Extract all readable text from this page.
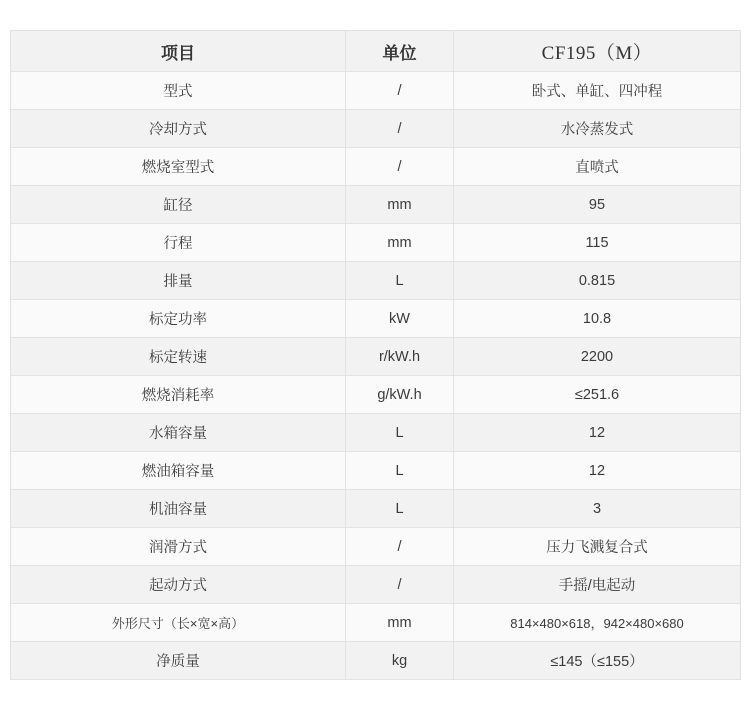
项目	单位	CF195（M）
型式	/	卧式、单缸、四冲程
冷却方式	/	水冷蒸发式
燃烧室型式	/	直喷式
缸径	mm	95
行程	mm	115
排量	L	0.815
标定功率	kW	10.8
标定转速	r/kW.h	2200
燃烧消耗率	g/kW.h	≤251.6
水箱容量	L	12
燃油箱容量	L	12
机油容量	L	3
润滑方式	/	压力飞溅复合式
起动方式	/	手摇/电起动
外形尺寸（长×宽×高）	mm	814×480×618，942×480×680
净质量	kg	≤145（≤155）
